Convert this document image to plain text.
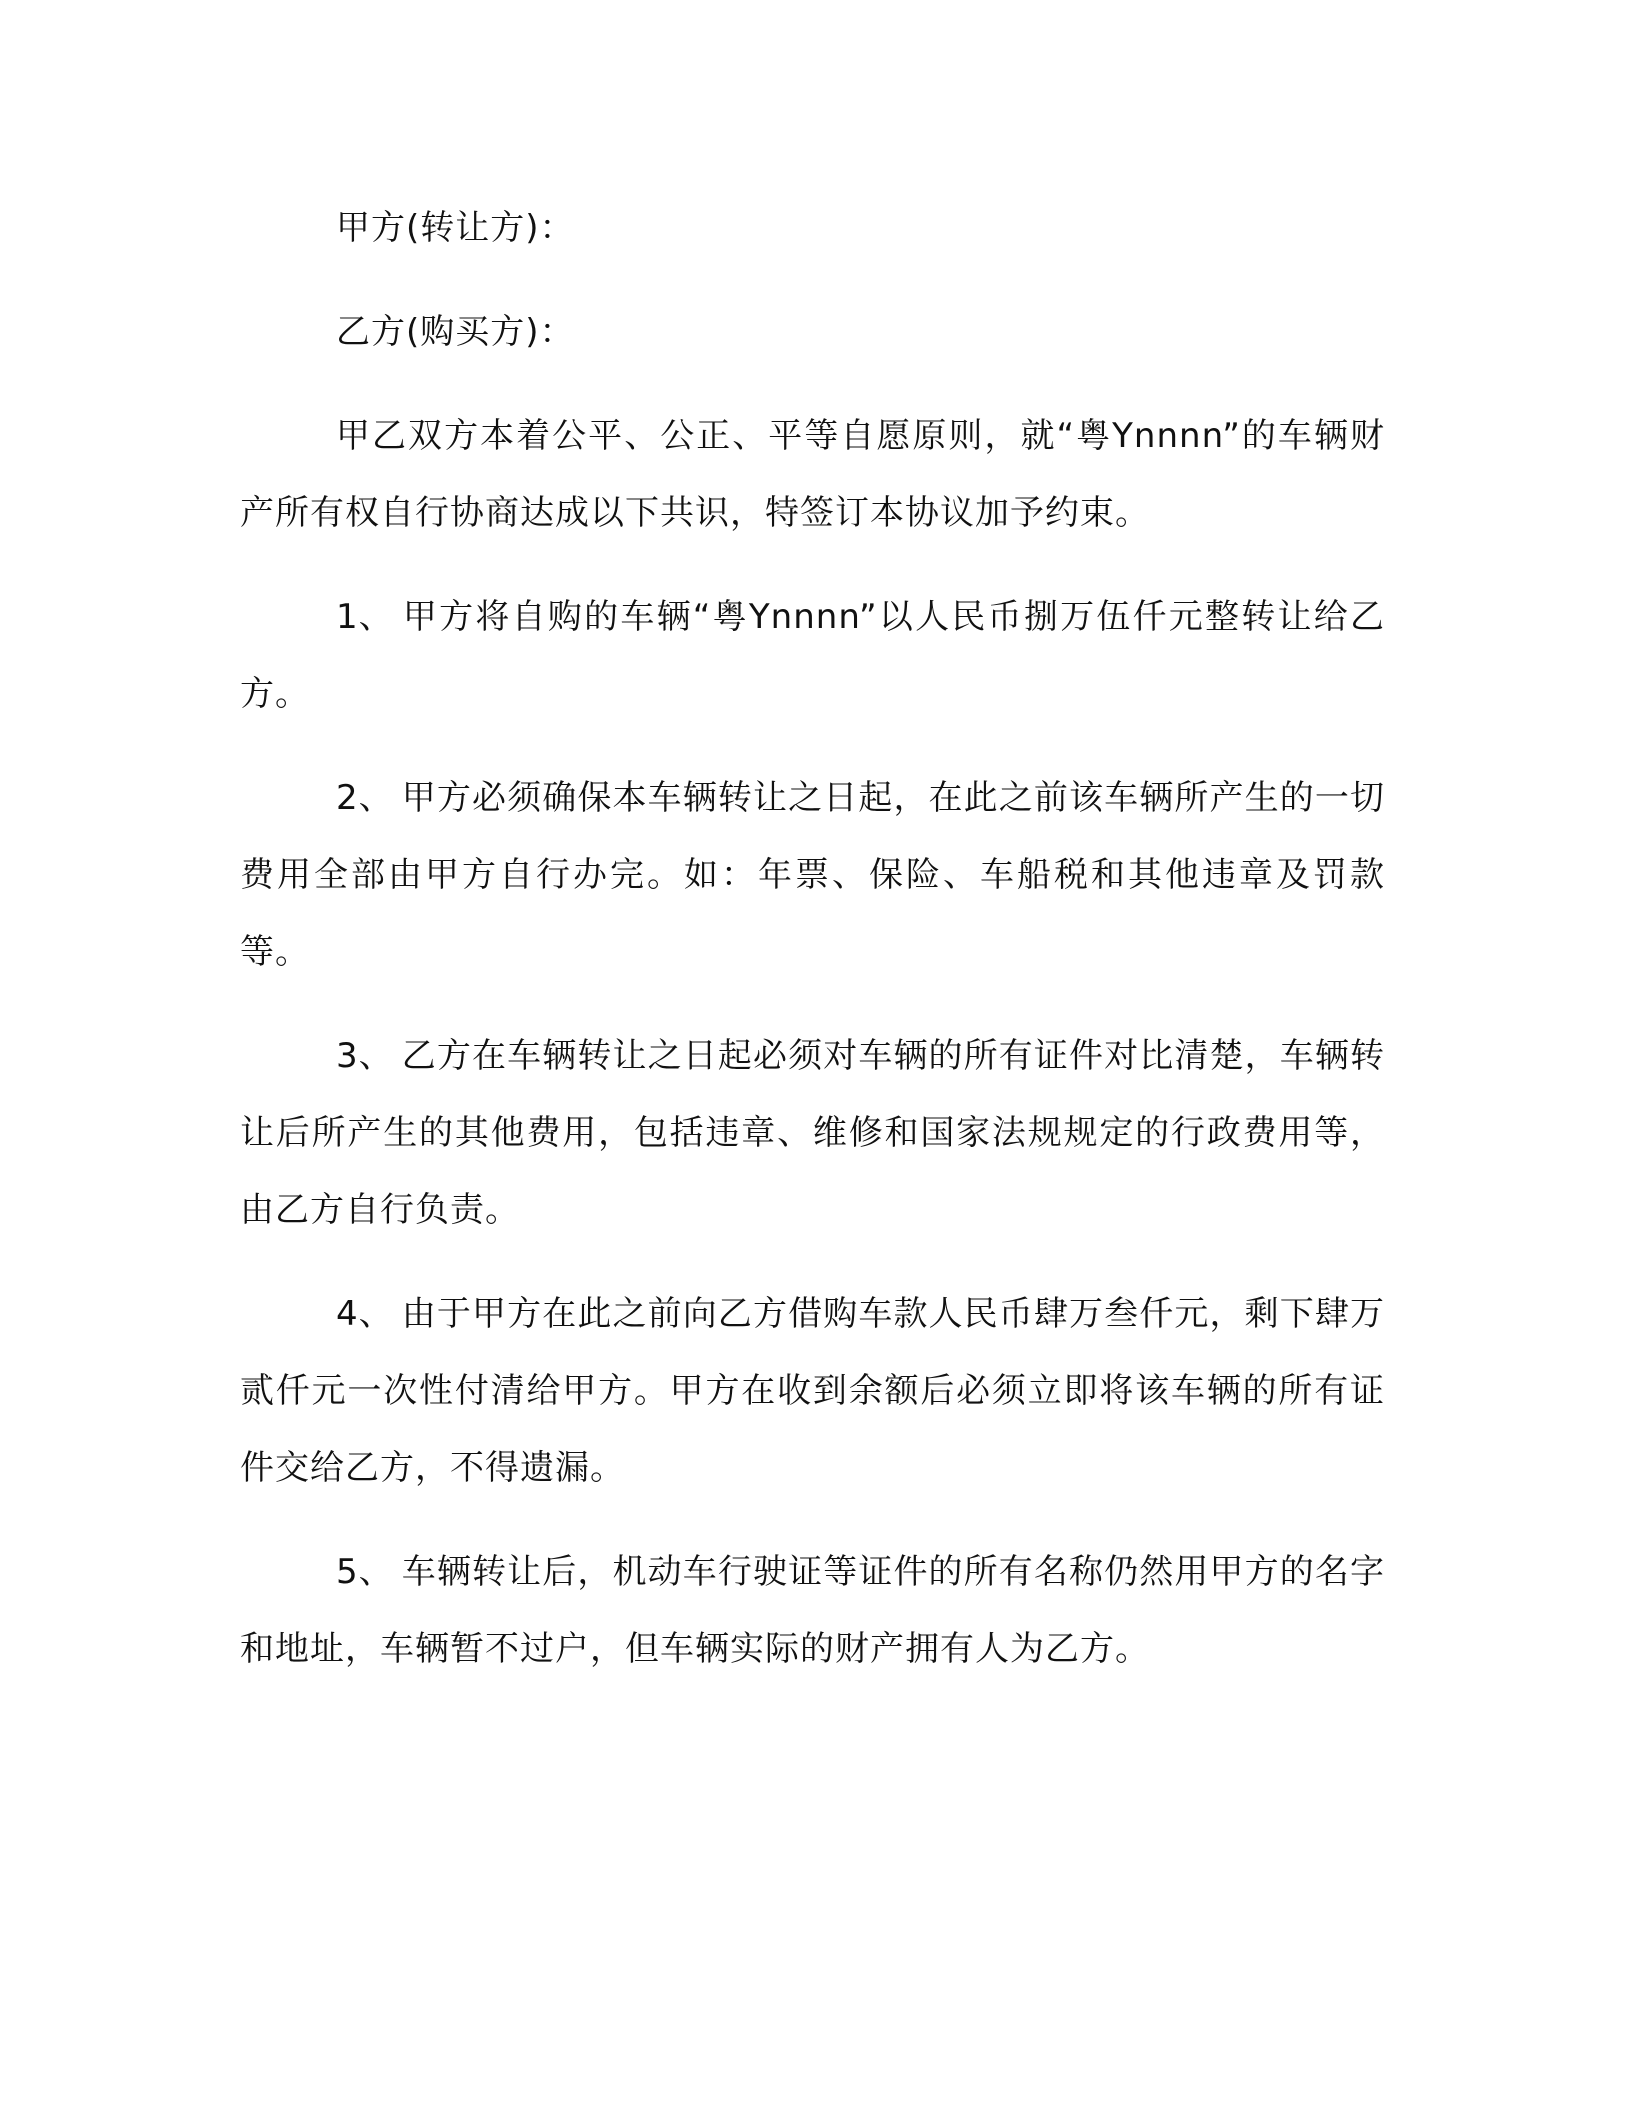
甲方(转让方)：

乙方(购买方)：

甲乙双方本着公平、公正、平等自愿原则，就“粤Ynnnn”的车辆财产所有权自行协商达成以下共识，特签订本协议加予约束。

1、 甲方将自购的车辆“粤Ynnnn”以人民币捌万伍仟元整转让给乙方。

2、 甲方必须确保本车辆转让之日起，在此之前该车辆所产生的一切费用全部由甲方自行办完。如：年票、保险、车船税和其他违章及罚款等。

3、 乙方在车辆转让之日起必须对车辆的所有证件对比清楚，车辆转让后所产生的其他费用，包括违章、维修和国家法规规定的行政费用等，由乙方自行负责。

4、 由于甲方在此之前向乙方借购车款人民币肆万叁仟元，剩下肆万贰仟元一次性付清给甲方。甲方在收到余额后必须立即将该车辆的所有证件交给乙方，不得遗漏。

5、 车辆转让后，机动车行驶证等证件的所有名称仍然用甲方的名字和地址，车辆暂不过户，但车辆实际的财产拥有人为乙方。
